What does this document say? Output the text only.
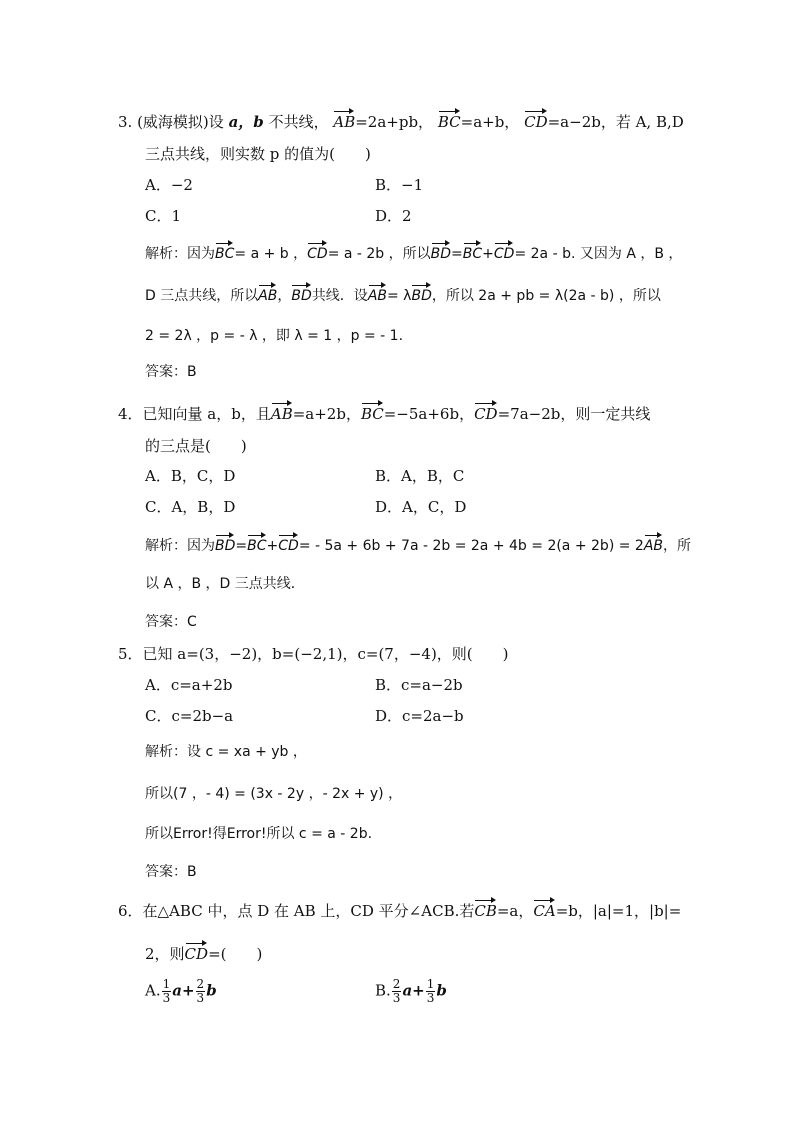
3. (威海模拟)设 a，b 不共线， AB=2a+pb， BC=a+b， CD=a−2b，若 A, B,D
三点共线，则实数 p 的值为(　　)
A．−2	B．−1
C．1	D．2
解析：因为BC= a + b ，CD= a - 2b ，所以BD=BC+CD= 2a - b. 又因为 A ，B ，
D 三点共线，所以AB，BD共线．设AB= λBD，所以 2a + pb = λ(2a - b) ，所以
2 = 2λ ，p = - λ ，即 λ = 1 ，p = - 1.
答案：B
4．已知向量 a，b，且AB=a+2b，BC=−5a+6b，CD=7a−2b，则一定共线
的三点是(　　)
A．B，C，D	B．A，B，C
C．A，B，D	D．A，C，D
解析：因为BD=BC+CD= - 5a + 6b + 7a - 2b = 2a + 4b = 2(a + 2b) = 2AB，所
以 A ，B ，D 三点共线．
答案：C
5．已知 a=(3，−2)，b=(−2,1)，c=(7，−4)，则(　　)
A．c=a+2b	B．c=a−2b
C．c=2b−a	D．c=2a−b
解析：设 c = xa + yb ，
所以(7 ，- 4) = (3x - 2y ，- 2x + y) ，
所以Error!得Error!所以 c = a - 2b.
答案：B
6．在△ABC 中，点 D 在 AB 上，CD 平分∠ACB.若CB=a，CA=b，|a|=1，|b|=
2，则CD=(　　)
A. $\frac{1}{3} a+ \frac{2}{3}$ b	B. $\frac{2}{3} a+ \frac{1}{3}$ b
